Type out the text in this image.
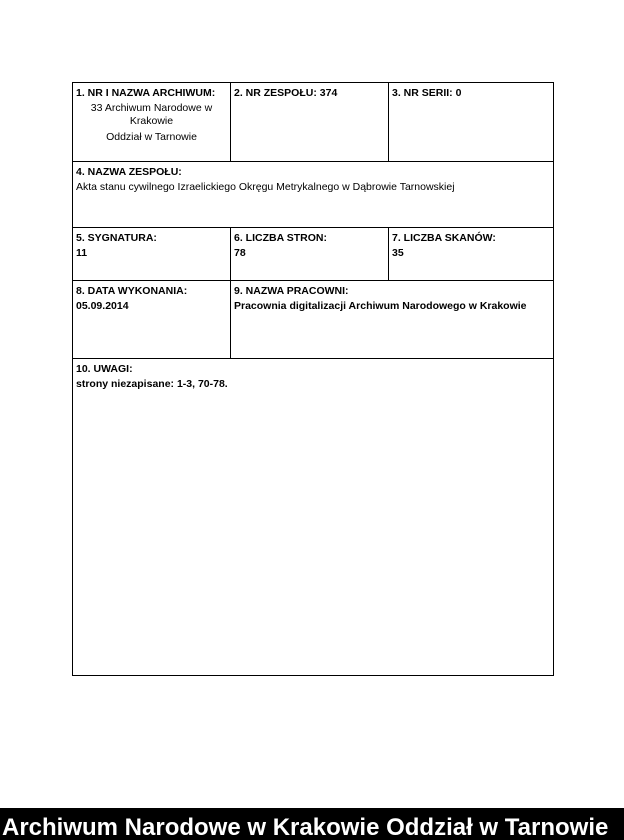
1. NR I NAZWA ARCHIWUM:
33 Archiwum Narodowe w
Krakowie
Oddział w Tarnowie
2. NR ZESPOŁU: 374	3. NR SERII: 0
4. NAZWA ZESPOŁU:
Akta stanu cywilnego Izraelickiego Okręgu Metrykalnego w Dąbrowie Tarnowskiej
5. SYGNATURA:
11
6. LICZBA STRON:
78
7. LICZBA SKANÓW:
35
8. DATA WYKONANIA:
05.09.2014
9. NAZWA PRACOWNI:
Pracownia digitalizacji Archiwum Narodowego w Krakowie
10. UWAGI:
strony niezapisane: 1-3, 70-78.
Archiwum Narodowe w Krakowie Oddział w Tarnowie
